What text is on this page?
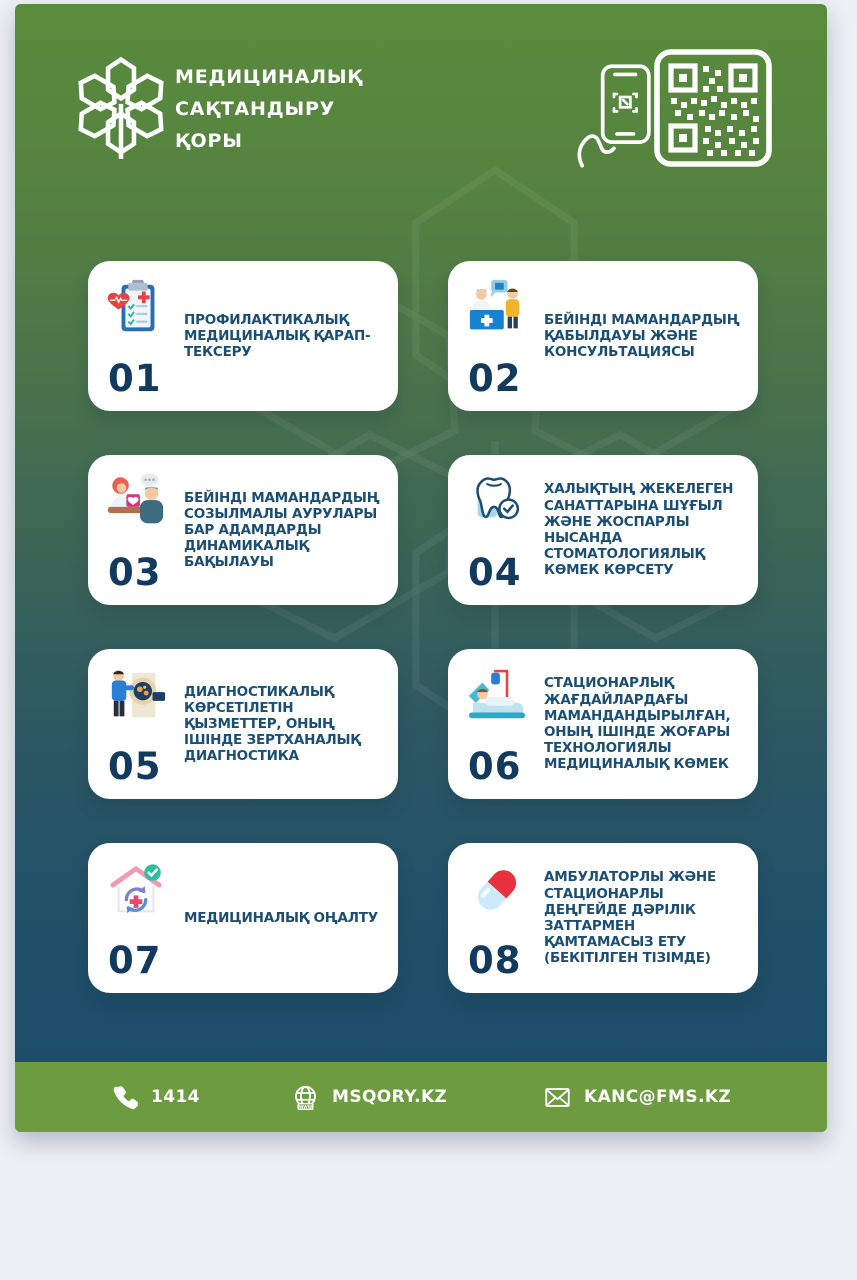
МЕДИЦИНАЛЫҚ
САҚТАНДЫРУ
ҚОРЫ
01
ПРОФИЛАКТИКАЛЫҚ МЕДИЦИНАЛЫҚ ҚАРАП-ТЕКСЕРУ
02
БЕЙІНДІ МАМАНДАРДЫҢ ҚАБЫЛДАУЫ ЖӘНЕ КОНСУЛЬТАЦИЯСЫ
03
БЕЙІНДІ МАМАНДАРДЫҢ СОЗЫЛМАЛЫ АУРУЛАРЫ БАР АДАМДАРДЫ ДИНАМИКАЛЫҚ БАҚЫЛАУЫ	04
ХАЛЫҚТЫҢ ЖЕКЕЛЕГЕН САНАТТАРЫНА ШҰҒЫЛ ЖӘНЕ ЖОСПАРЛЫ НЫСАНДА СТОМАТОЛОГИЯЛЫҚ КӨМЕК КӨРСЕТУ
05
ДИАГНОСТИКАЛЫҚ КӨРСЕТІЛЕТІН ҚЫЗМЕТТЕР, ОНЫҢ ІШІНДЕ ЗЕРТХАНАЛЫҚ ДИАГНОСТИКА	06
СТАЦИОНАРЛЫҚ ЖАҒДАЙЛАРДАҒЫ МАМАНДАНДЫРЫЛҒАН, ОНЫҢ ІШІНДЕ ЖОҒАРЫ ТЕХНОЛОГИЯЛЫ МЕДИЦИНАЛЫҚ КӨМЕК
07
МЕДИЦИНАЛЫҚ ОҢАЛТУ
08
АМБУЛАТОРЛЫ ЖӘНЕ СТАЦИОНАРЛЫ ДЕҢГЕЙДЕ ДӘРІЛІК ЗАТТАРМЕН ҚАМТАМАСЫЗ ЕТУ (БЕКІТІЛГЕН ТІЗІМДЕ)
1414	WWW MSQORY.KZ	KANC@FMS.KZ
